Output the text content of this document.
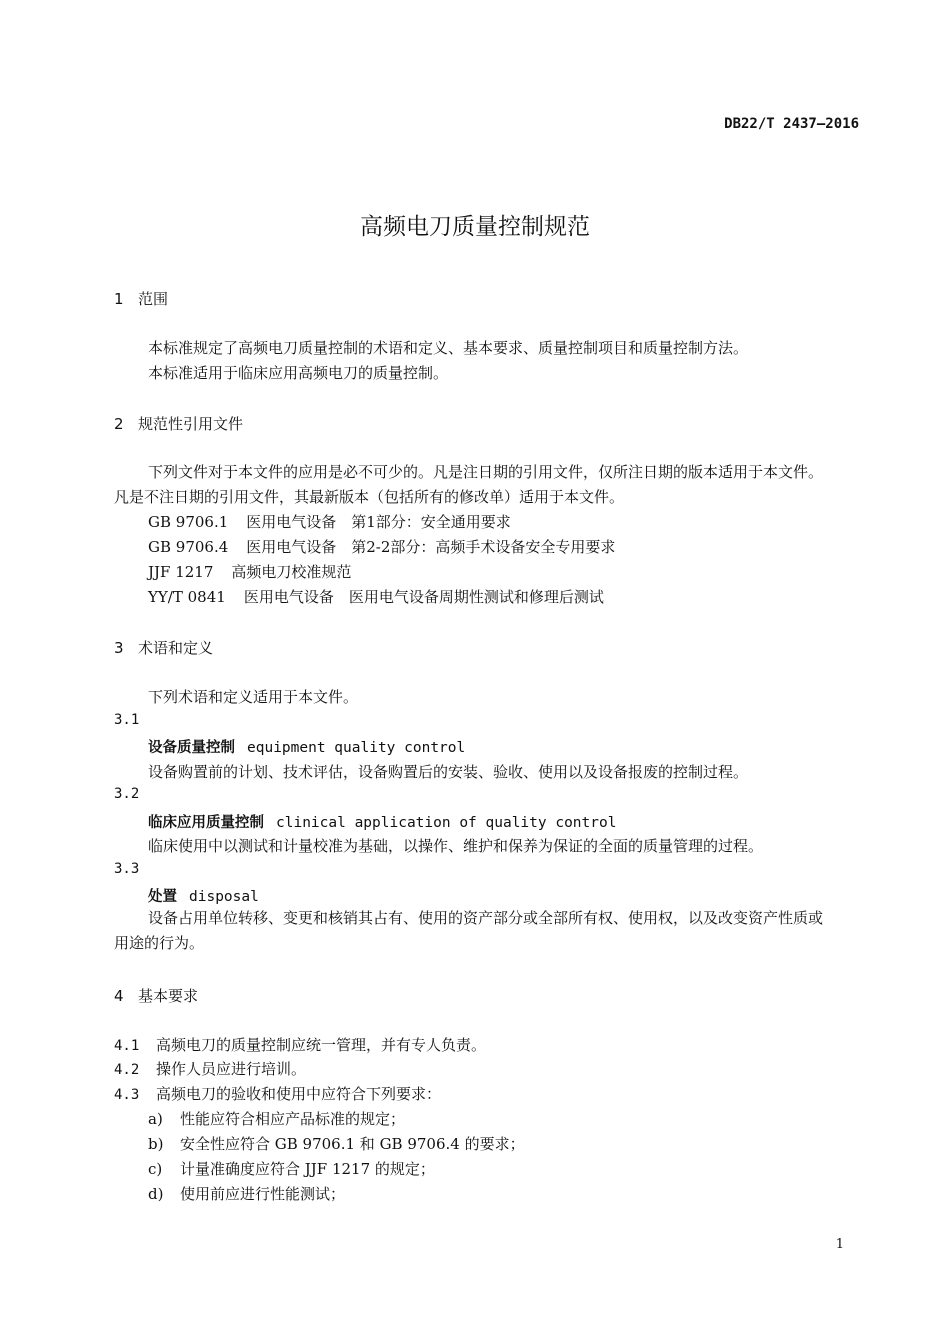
DB22/T 2437—2016
高频电刀质量控制规范
1 范围
本标准规定了高频电刀质量控制的术语和定义、基本要求、质量控制项目和质量控制方法。
本标准适用于临床应用高频电刀的质量控制。
2 规范性引用文件
下列文件对于本文件的应用是必不可少的。凡是注日期的引用文件，仅所注日期的版本适用于本文件。凡是不注日期的引用文件，其最新版本（包括所有的修改单）适用于本文件。
GB 9706.1 医用电气设备　第1部分：安全通用要求
GB 9706.4 医用电气设备　第2-2部分：高频手术设备安全专用要求
JJF 1217 高频电刀校准规范
YY/T 0841 医用电气设备　医用电气设备周期性测试和修理后测试
3 术语和定义
下列术语和定义适用于本文件。
3.1
设备质量控制 equipment quality control
设备购置前的计划、技术评估，设备购置后的安装、验收、使用以及设备报废的控制过程。
3.2
临床应用质量控制 clinical application of quality control
临床使用中以测试和计量校准为基础，以操作、维护和保养为保证的全面的质量管理的过程。
3.3
处置 disposal
设备占用单位转移、变更和核销其占有、使用的资产部分或全部所有权、使用权，以及改变资产性质或用途的行为。
4 基本要求
4.1 高频电刀的质量控制应统一管理，并有专人负责。
4.2 操作人员应进行培训。
4.3 高频电刀的验收和使用中应符合下列要求：
a) 性能应符合相应产品标准的规定；
b) 安全性应符合 GB 9706.1 和 GB 9706.4 的要求；
c) 计量准确度应符合 JJF 1217 的规定；
d) 使用前应进行性能测试；
1
